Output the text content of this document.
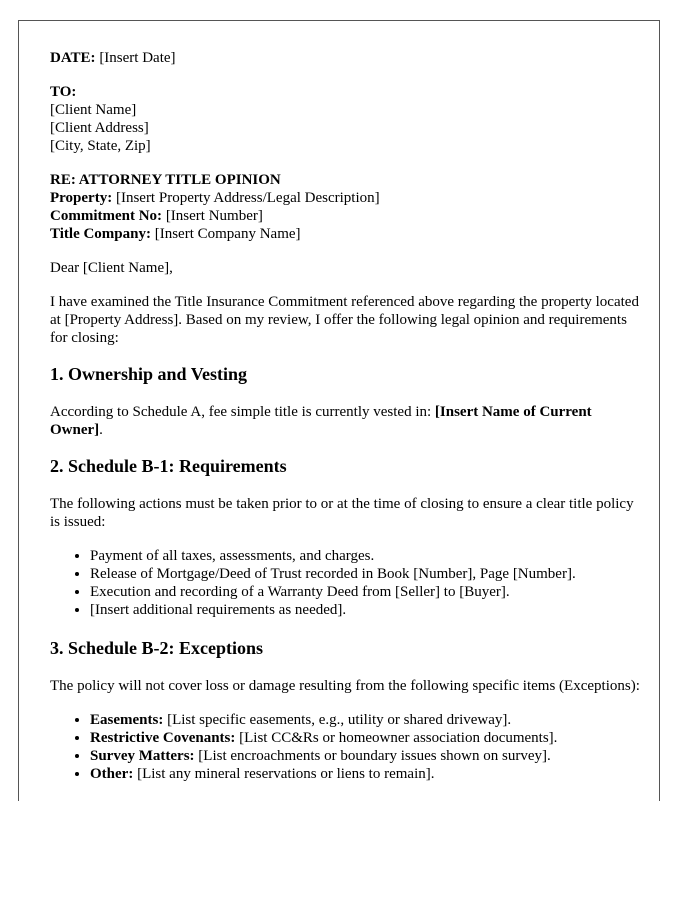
DATE: [Insert Date]
TO:
[Client Name]
[Client Address]
[City, State, Zip]
RE: ATTORNEY TITLE OPINION
Property: [Insert Property Address/Legal Description]
Commitment No: [Insert Number]
Title Company: [Insert Company Name]

Dear [Client Name],

I have examined the Title Insurance Commitment referenced above regarding the property located at [Property Address]. Based on my review, I offer the following legal opinion and requirements for closing:

1. Ownership and Vesting

According to Schedule A, fee simple title is currently vested in: [Insert Name of Current Owner].

2. Schedule B-1: Requirements

The following actions must be taken prior to or at the time of closing to ensure a clear title policy is issued:

• Payment of all taxes, assessments, and charges.
• Release of Mortgage/Deed of Trust recorded in Book [Number], Page [Number].
• Execution and recording of a Warranty Deed from [Seller] to [Buyer].
• [Insert additional requirements as needed].
3. Schedule B-2: Exceptions

The policy will not cover loss or damage resulting from the following specific items (Exceptions):

• Easements: [List specific easements, e.g., utility or shared driveway].
• Restrictive Covenants: [List CC&Rs or homeowner association documents].
• Survey Matters: [List encroachments or boundary issues shown on survey].
• Other: [List any mineral reservations or liens to remain].
